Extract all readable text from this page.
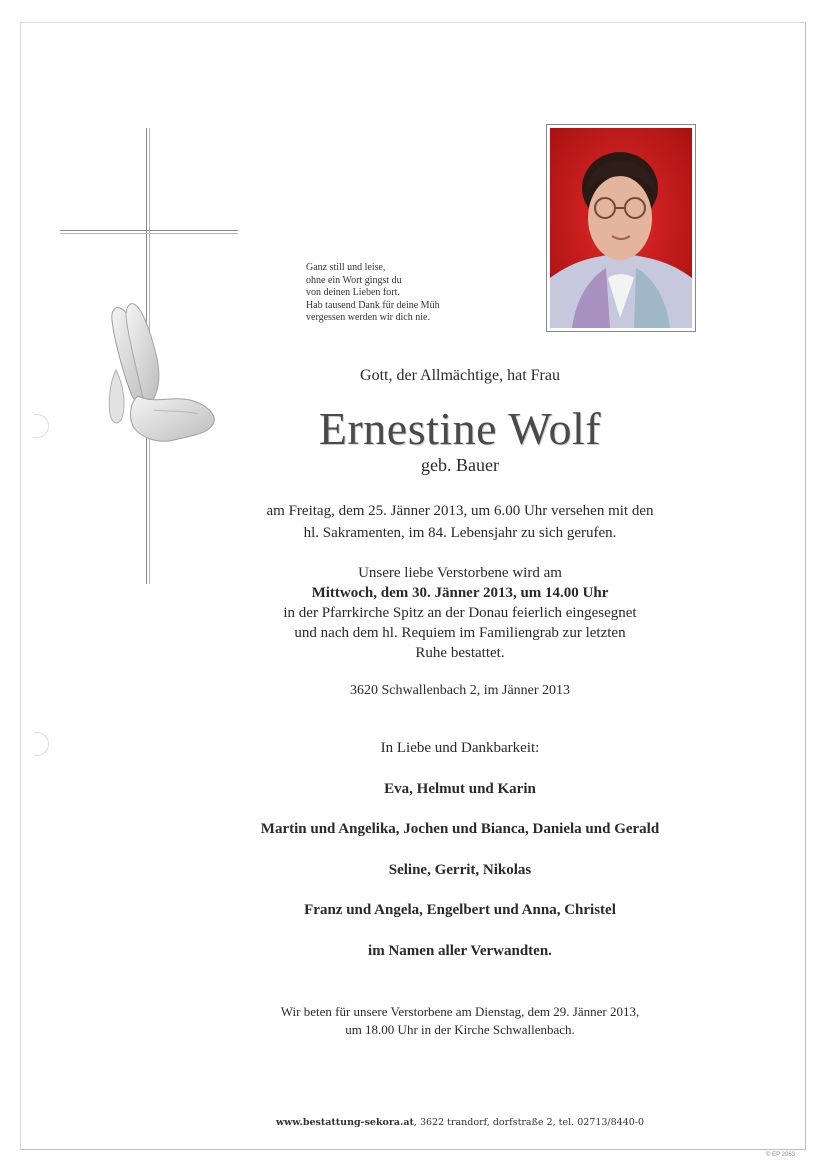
Ganz still und leise,
ohne ein Wort gingst du
von deinen Lieben fort.
Hab tausend Dank für deine Müh
vergessen werden wir dich nie.
Gott, der Allmächtige, hat Frau
Ernestine Wolf
geb. Bauer
am Freitag, dem 25. Jänner 2013, um 6.00 Uhr versehen mit den
hl. Sakramenten, im 84. Lebensjahr zu sich gerufen.
Unsere liebe Verstorbene wird am
Mittwoch, dem 30. Jänner 2013, um 14.00 Uhr
in der Pfarrkirche Spitz an der Donau feierlich eingesegnet
und nach dem hl. Requiem im Familiengrab zur letzten
Ruhe bestattet.
3620 Schwallenbach 2, im Jänner 2013
In Liebe und Dankbarkeit:
Eva, Helmut und Karin
Martin und Angelika, Jochen und Bianca, Daniela und Gerald
Seline, Gerrit, Nikolas
Franz und Angela, Engelbert und Anna, Christel
im Namen aller Verwandten.
Wir beten für unsere Verstorbene am Dienstag, dem 29. Jänner 2013,
um 18.00 Uhr in der Kirche Schwallenbach.
www.bestattung-sekora.at, 3622 trandorf, dorfstraße 2, tel. 02713/8440-0
© EP 2063
